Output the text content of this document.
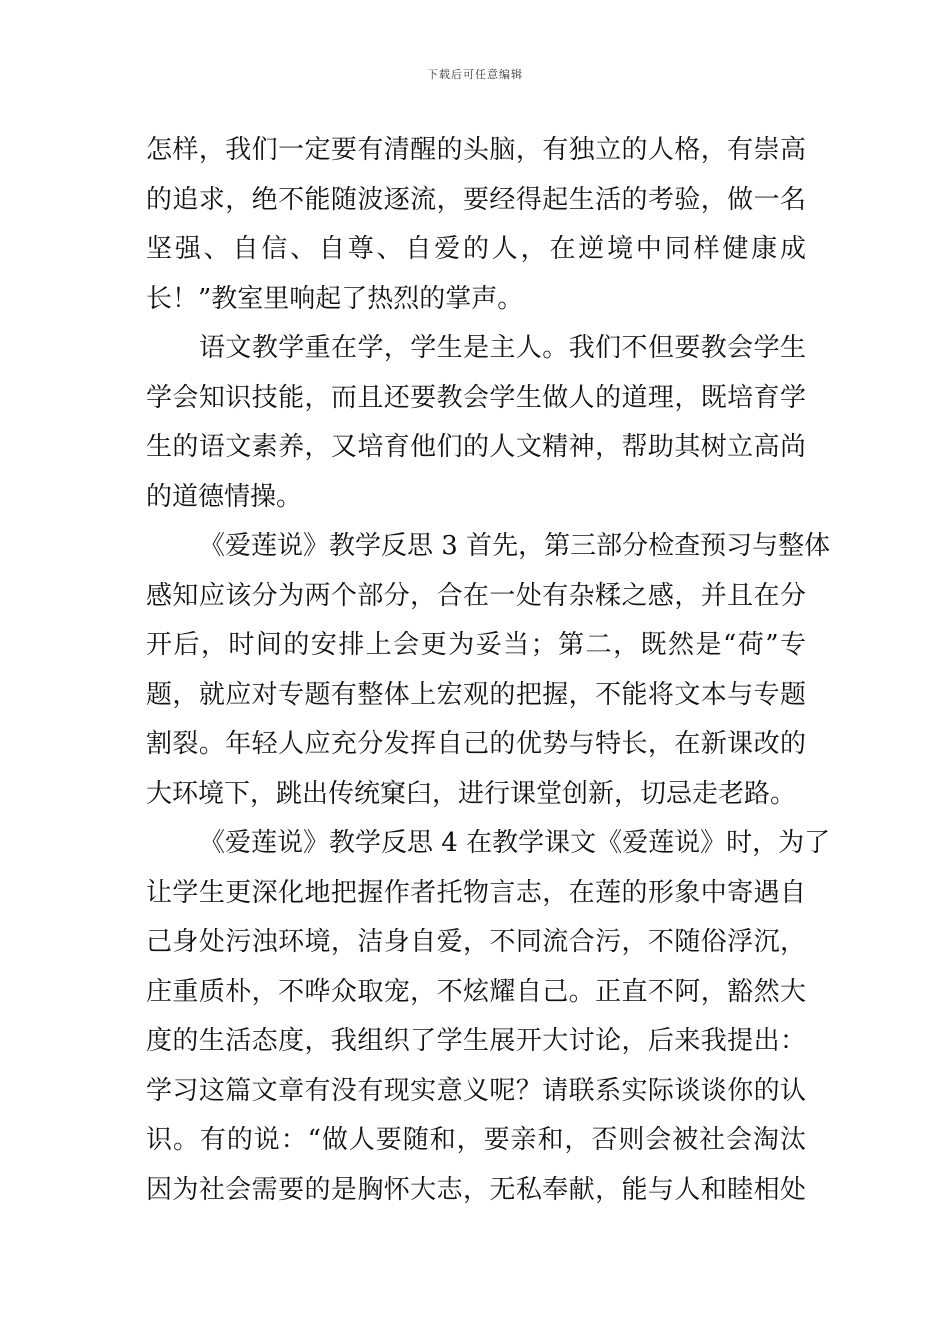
下载后可任意编辑
怎样，我们一定要有清醒的头脑，有独立的人格，有崇高
的追求，绝不能随波逐流，要经得起生活的考验，做一名
坚强、自信、自尊、自爱的人，在逆境中同样健康成
长！”教室里响起了热烈的掌声。
语文教学重在学，学生是主人。我们不但要教会学生
学会知识技能，而且还要教会学生做人的道理，既培育学
生的语文素养，又培育他们的人文精神，帮助其树立高尚
的道德情操。
《爱莲说》教学反思 3 首先，第三部分检查预习与整体
感知应该分为两个部分，合在一处有杂糅之感，并且在分
开后，时间的安排上会更为妥当；第二，既然是“荷”专
题，就应对专题有整体上宏观的把握，不能将文本与专题
割裂。年轻人应充分发挥自己的优势与特长，在新课改的
大环境下，跳出传统窠臼，进行课堂创新，切忌走老路。
《爱莲说》教学反思 4 在教学课文《爱莲说》时，为了
让学生更深化地把握作者托物言志，在莲的形象中寄遇自
己身处污浊环境，洁身自爱，不同流合污，不随俗浮沉，
庄重质朴，不哗众取宠，不炫耀自己。正直不阿，豁然大
度的生活态度，我组织了学生展开大讨论，后来我提出：
学习这篇文章有没有现实意义呢？请联系实际谈谈你的认
识。有的说：“做人要随和，要亲和，否则会被社会淘汰
因为社会需要的是胸怀大志，无私奉献，能与人和睦相处
